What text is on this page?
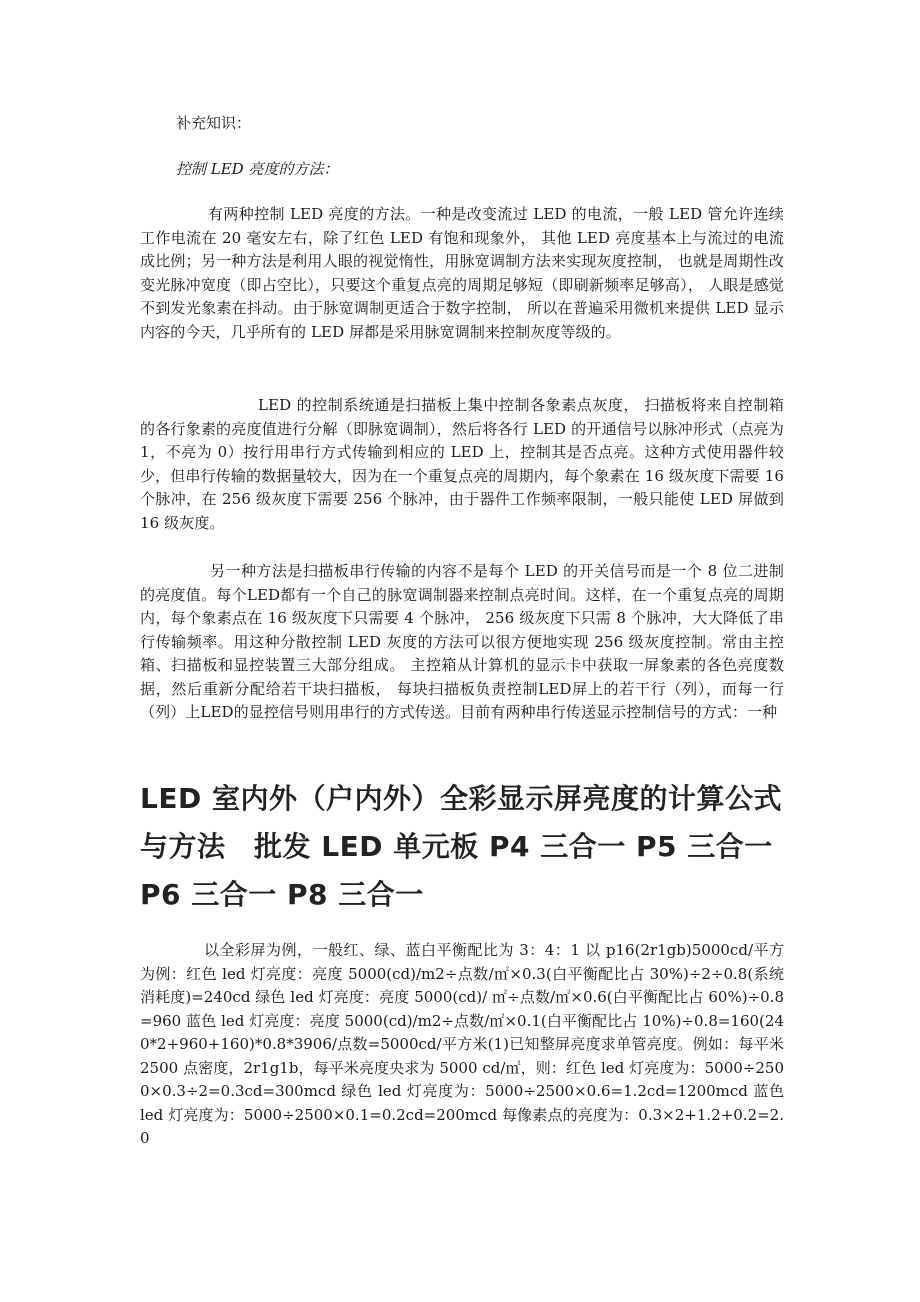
补充知识：
控制 LED 亮度的方法：
有两种控制 LED 亮度的方法。一种是改变流过 LED 的电流，一般 LED 管允许连续工作电流在 20 毫安左右，除了红色 LED 有饱和现象外， 其他 LED 亮度基本上与流过的电流成比例；另一种方法是利用人眼的视觉惰性，用脉宽调制方法来实现灰度控制， 也就是周期性改变光脉冲宽度（即占空比），只要这个重复点亮的周期足够短（即刷新频率足够高）， 人眼是感觉不到发光象素在抖动。由于脉宽调制更适合于数字控制， 所以在普遍采用微机来提供 LED 显示内容的今天，几乎所有的 LED 屏都是采用脉宽调制来控制灰度等级的。
LED 的控制系统通是扫描板上集中控制各象素点灰度， 扫描板将来自控制箱的各行象素的亮度值进行分解（即脉宽调制），然后将各行 LED 的开通信号以脉冲形式（点亮为 1，不亮为 0）按行用串行方式传输到相应的 LED 上，控制其是否点亮。这种方式使用器件较少，但串行传输的数据量较大，因为在一个重复点亮的周期内，每个象素在 16 级灰度下需要 16 个脉冲，在 256 级灰度下需要 256 个脉冲，由于器件工作频率限制，一般只能使 LED 屏做到 16 级灰度。
另一种方法是扫描板串行传输的内容不是每个 LED 的开关信号而是一个 8 位二进制的亮度值。每个LED都有一个自己的脉宽调制器来控制点亮时间。这样，在一个重复点亮的周期内，每个象素点在 16 级灰度下只需要 4 个脉冲， 256 级灰度下只需 8 个脉冲，大大降低了串行传输频率。用这种分散控制 LED 灰度的方法可以很方便地实现 256 级灰度控制。常由主控箱、扫描板和显控装置三大部分组成。 主控箱从计算机的显示卡中获取一屏象素的各色亮度数据，然后重新分配给若干块扫描板， 每块扫描板负责控制LED屏上的若干行（列），而每一行（列）上LED的显控信号则用串行的方式传送。目前有两种串行传送显示控制信号的方式：一种
LED 室内外（户内外）全彩显示屏亮度的计算公式与方法　批发 LED 单元板 P4 三合一 P5 三合一 P6 三合一 P8 三合一
以全彩屏为例，一般红、绿、蓝白平衡配比为 3：4：1 以 p16(2r1gb)5000cd/平方为例：红色 led 灯亮度：亮度 5000(cd)/m2÷点数/㎡×0.3(白平衡配比占 30%)÷2÷0.8(系统消耗度)=240cd 绿色 led 灯亮度：亮度 5000(cd)/ ㎡÷点数/㎡×0.6(白平衡配比占 60%)÷0.8=960 蓝色 led 灯亮度：亮度 5000(cd)/m2÷点数/㎡×0.1(白平衡配比占 10%)÷0.8=160(240*2+960+160)*0.8*3906/点数=5000cd/平方米(1)已知整屏亮度求单管亮度。例如：每平米 2500 点密度，2r1g1b，每平米亮度央求为 5000 cd/㎡，则：红色 led 灯亮度为：5000÷2500×0.3÷2=0.3cd=300mcd 绿色 led 灯亮度为：5000÷2500×0.6=1.2cd=1200mcd 蓝色 led 灯亮度为：5000÷2500×0.1=0.2cd=200mcd 每像素点的亮度为：0.3×2+1.2+0.2=2.0
